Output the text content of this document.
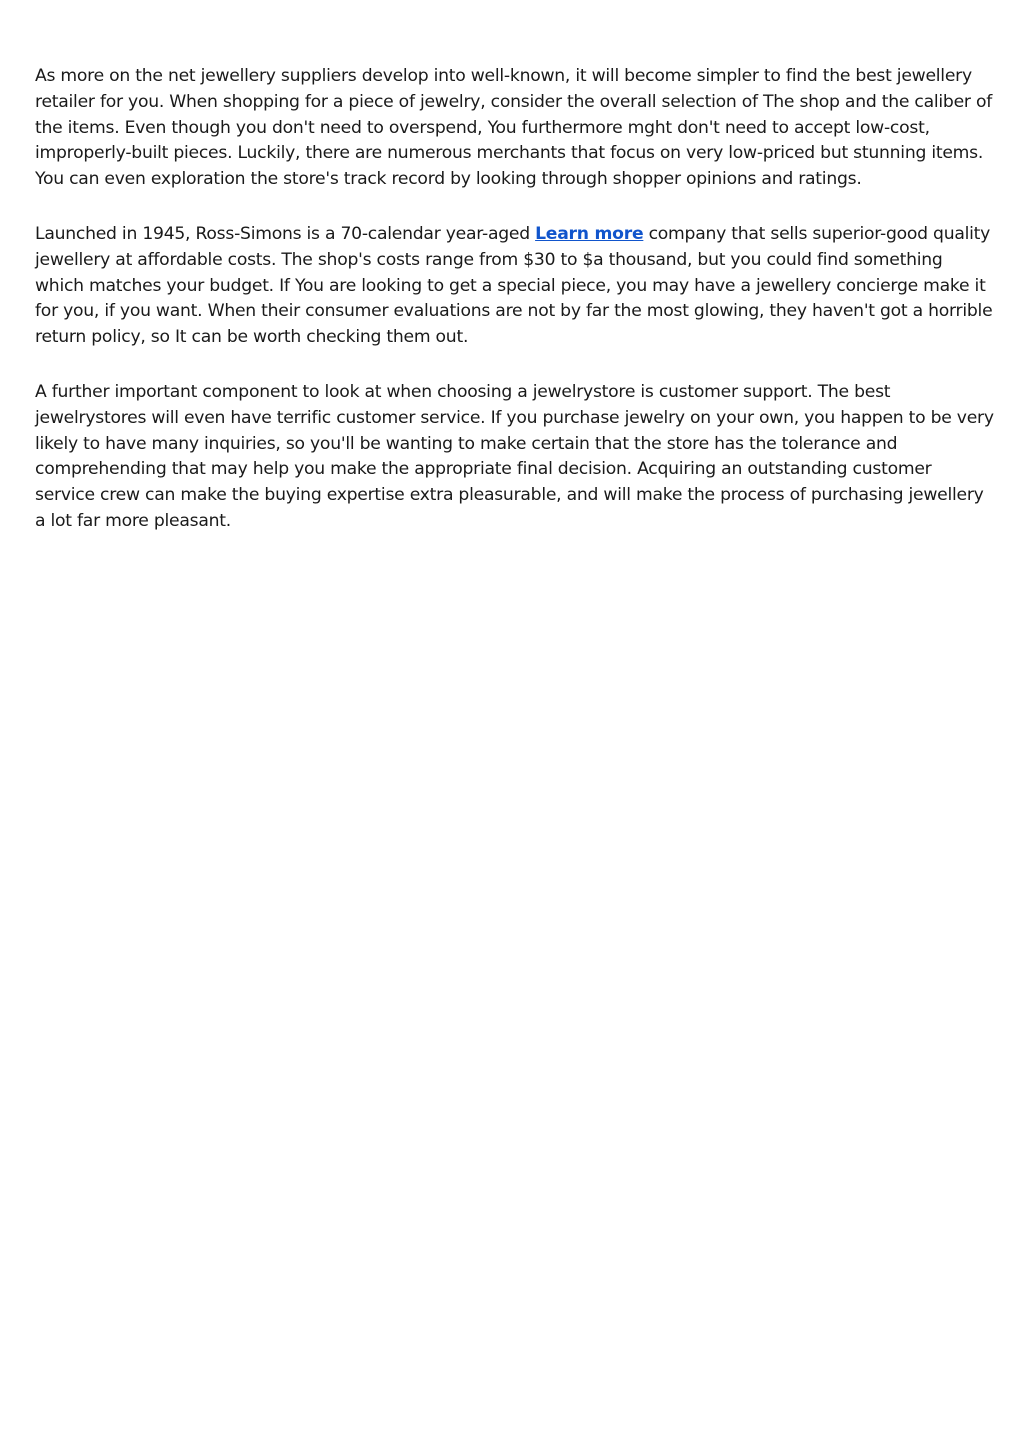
As more on the net jewellery suppliers develop into well-known, it will become simpler to find the best jewellery retailer for you. When shopping for a piece of jewelry, consider the overall selection of The shop and the caliber of the items. Even though you don't need to overspend, You furthermore mght don't need to accept low-cost, improperly-built pieces. Luckily, there are numerous merchants that focus on very low-priced but stunning items. You can even exploration the store's track record by looking through shopper opinions and ratings.

Launched in 1945, Ross-Simons is a 70-calendar year-aged Learn more company that sells superior-good quality jewellery at affordable costs. The shop's costs range from $30 to $a thousand, but you could find something which matches your budget. If You are looking to get a special piece, you may have a jewellery concierge make it for you, if you want. When their consumer evaluations are not by far the most glowing, they haven't got a horrible return policy, so It can be worth checking them out.

A further important component to look at when choosing a jewelrystore is customer support. The best jewelrystores will even have terrific customer service. If you purchase jewelry on your own, you happen to be very likely to have many inquiries, so you'll be wanting to make certain that the store has the tolerance and comprehending that may help you make the appropriate final decision. Acquiring an outstanding customer service crew can make the buying expertise extra pleasurable, and will make the process of purchasing jewellery a lot far more pleasant.
